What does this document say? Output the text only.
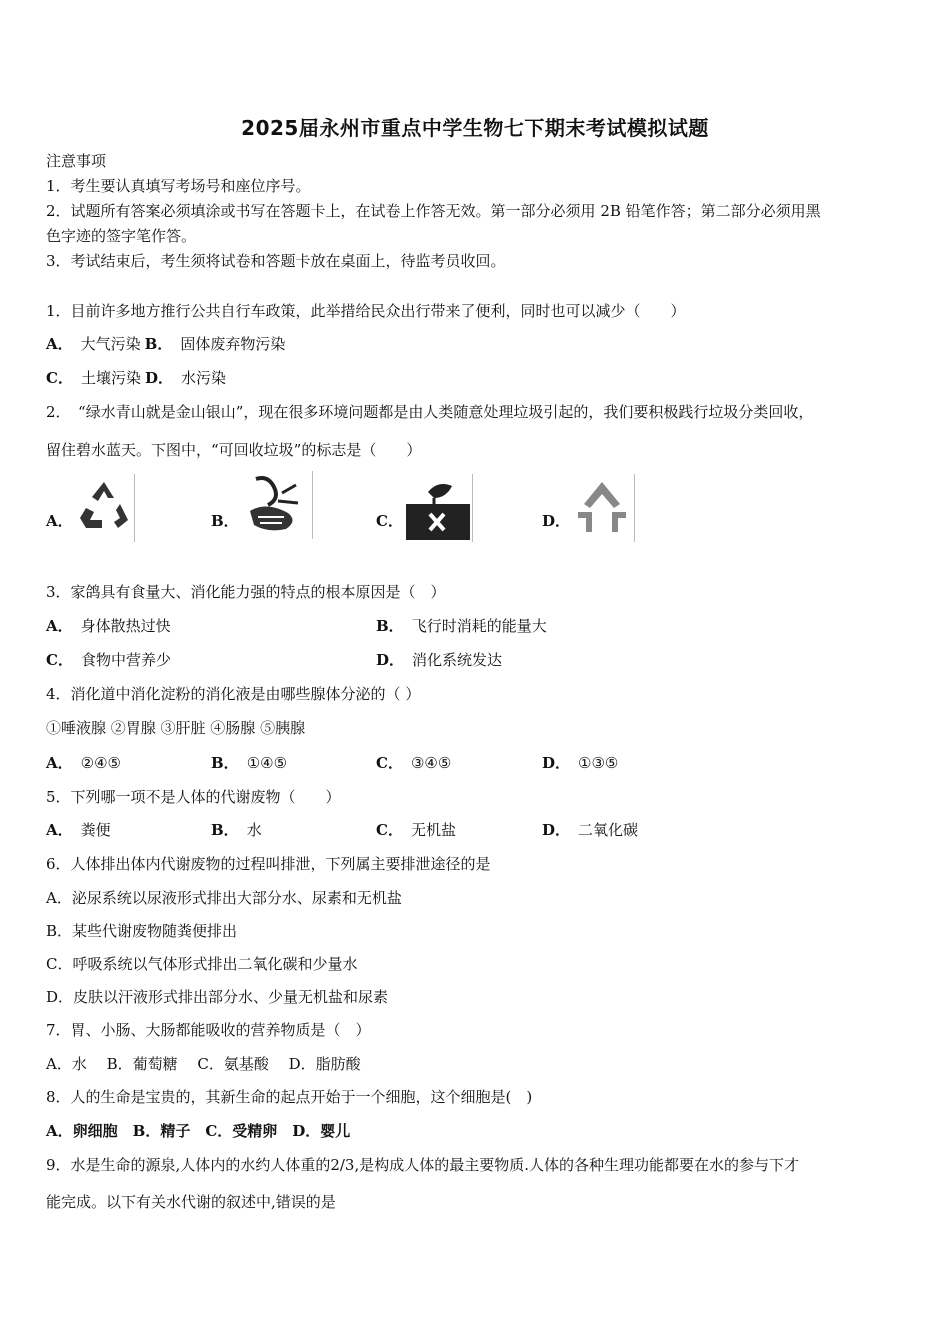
2025届永州市重点中学生物七下期末考试模拟试题
注意事项
1．考生要认真填写考场号和座位序号。
2．试题所有答案必须填涂或书写在答题卡上，在试卷上作答无效。第一部分必须用 2B 铅笔作答；第二部分必须用黑
色字迹的签字笔作答。
3．考试结束后，考生须将试卷和答题卡放在桌面上，待监考员收回。
1．目前许多地方推行公共自行车政策，此举措给民众出行带来了便利，同时也可以减少（　　）
A． 大气污染 B． 固体废弃物污染
C． 土壤污染 D． 水污染
2．　“绿水青山就是金山银山”，现在很多环境问题都是由人类随意处理垃圾引起的，我们要积极践行垃圾分类回收，
留住碧水蓝天。下图中，“可回收垃圾”的标志是（　　）
A．	B．	C．	D．
3．家鸽具有食量大、消化能力强的特点的根本原因是（　）
A． 身体散热过快	B． 飞行时消耗的能量大
C． 食物中营养少	D． 消化系统发达
4．消化道中消化淀粉的消化液是由哪些腺体分泌的（ ）
①唾液腺 ②胃腺 ③肝脏 ④肠腺 ⑤胰腺
A． ②④⑤	B． ①④⑤	C． ③④⑤	D． ①③⑤
5．下列哪一项不是人体的代谢废物（　　）
A． 粪便	B． 水	C． 无机盐	D． 二氧化碳
6．人体排出体内代谢废物的过程叫排泄，下列属主要排泄途径的是
A．泌尿系统以尿液形式排出大部分水、尿素和无机盐
B．某些代谢废物随粪便排出
C．呼吸系统以气体形式排出二氧化碳和少量水
D．皮肤以汗液形式排出部分水、少量无机盐和尿素
7．胃、小肠、大肠都能吸收的营养物质是（　）
A．水　 B．葡萄糖　 C．氨基酸　 D．脂肪酸
8．人的生命是宝贵的，其新生命的起点开始于一个细胞，这个细胞是(　)
A．卵细胞　B．精子　C．受精卵　D．婴儿
9．水是生命的源泉,人体内的水约人体重的2/3,是构成人体的最主要物质.人体的各种生理功能都要在水的参与下才
能完成。以下有关水代谢的叙述中,错误的是
